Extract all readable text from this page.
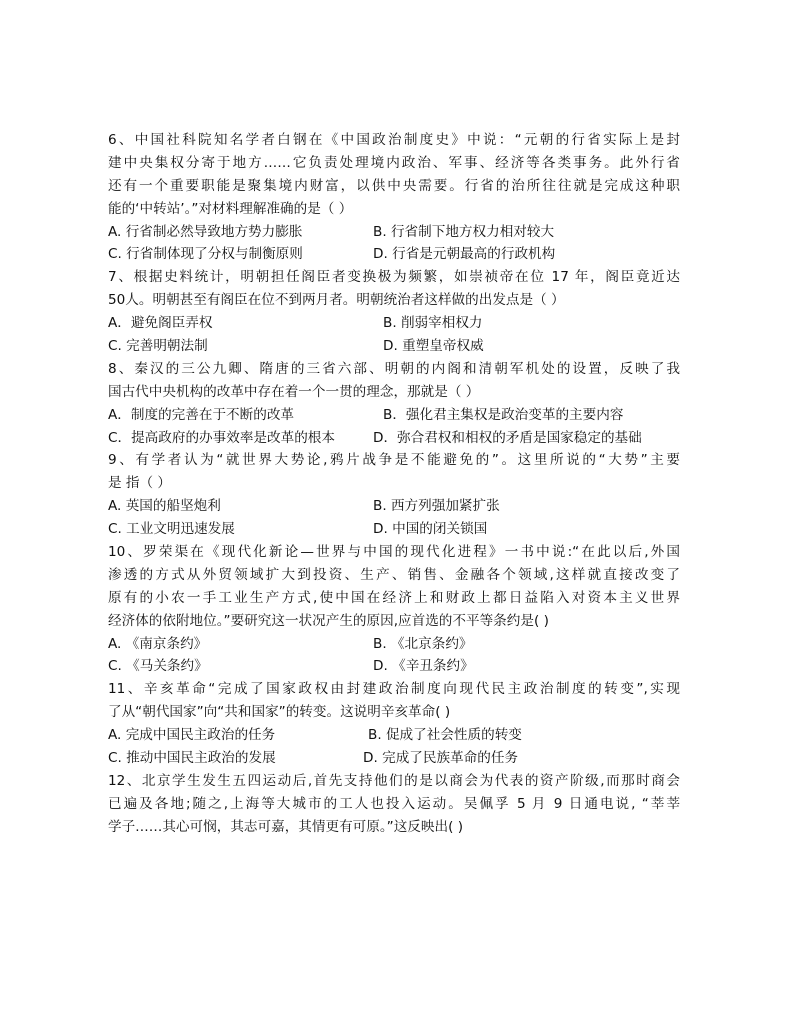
6、中国社科院知名学者白钢在《中国政治制度史》中说：“元朝的行省实际上是封
建中央集权分寄于地方……它负责处理境内政治、军事、经济等各类事务。此外行省
还有一个重要职能是聚集境内财富，以供中央需要。行省的治所往往就是完成这种职
能的‘中转站’。”对材料理解准确的是（ ）
A. 行省制必然导致地方势力膨胀	B. 行省制下地方权力相对较大
C. 行省制体现了分权与制衡原则	D. 行省是元朝最高的行政机构
7、根据史料统计，明朝担任阁臣者变换极为频繁，如崇祯帝在位 17 年，阁臣竟近达
50人。明朝甚至有阁臣在位不到两月者。明朝统治者这样做的出发点是（ ）
A．避免阁臣弄权	B. 削弱宰相权力
C. 完善明朝法制	D. 重塑皇帝权威
8、秦汉的三公九卿、隋唐的三省六部、明朝的内阁和清朝军机处的设置，反映了我
国古代中央机构的改革中存在着一个一贯的理念，那就是（ ）
A．制度的完善在于不断的改革	B．强化君主集权是政治变革的主要内容
C．提高政府的办事效率是改革的根本	D．弥合君权和相权的矛盾是国家稳定的基础
9、有学者认为“就世界大势论,鸦片战争是不能避免的”。这里所说的“大势”主要
是 指（ ）
A. 英国的船坚炮利	B. 西方列强加紧扩张
C. 工业文明迅速发展	D. 中国的闭关锁国
10、罗荣渠在《现代化新论—世界与中国的现代化进程》一书中说:“在此以后,外国
渗透的方式从外贸领域扩大到投资、生产、销售、金融各个领域,这样就直接改变了
原有的小农一手工业生产方式,使中国在经济上和财政上都日益陷入对资本主义世界
经济体的依附地位。”要研究这一状况产生的原因,应首选的不平等条约是( )
A. 《南京条约》	B. 《北京条约》
C. 《马关条约》	D. 《辛丑条约》
11、辛亥革命“完成了国家政权由封建政治制度向现代民主政治制度的转变”,实现
了从“朝代国家”向“共和国家”的转变。这说明辛亥革命( )
A. 完成中国民主政治的任务	B. 促成了社会性质的转变
C. 推动中国民主政治的发展	D. 完成了民族革命的任务
12、北京学生发生五四运动后,首先支持他们的是以商会为代表的资产阶级,而那时商会
已遍及各地;随之,上海等大城市的工人也投入运动。吴佩孚 5 月 9 日通电说, “莘莘
学子……其心可悯，其志可嘉，其情更有可原。”这反映出( )
